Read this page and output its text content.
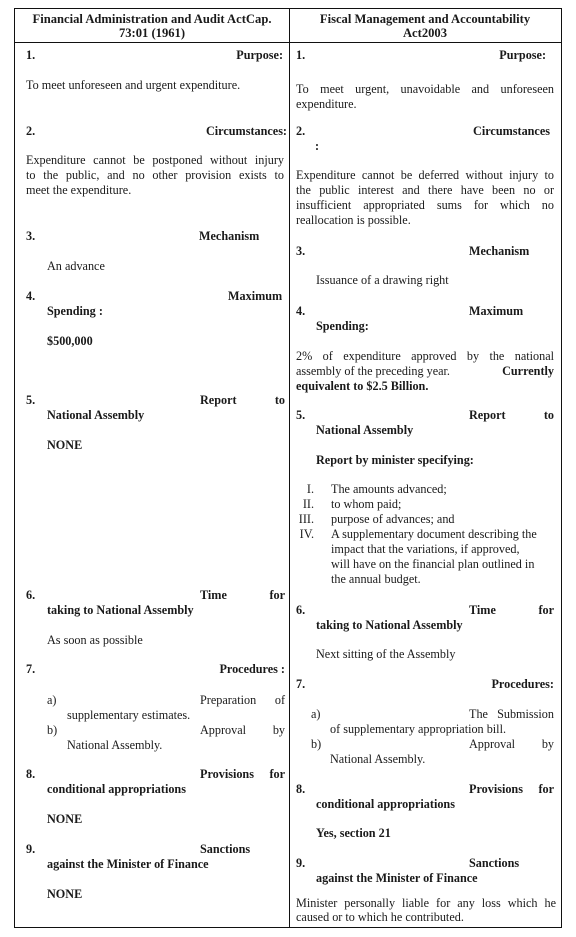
Financial Administration and Audit ActCap.
73:01 (1961)
1.	Purpose:
To meet unforeseen and urgent expenditure.
2.	Circumstances:
Expenditure cannot be postponed without injury
to the public, and no other provision exists to
meet the expenditure.
3.	Mechanism
An advance
4.	Maximum
Spending :
$500,000
5.	Report	to
National Assembly
NONE
6.	Time	for
taking to National Assembly
As soon as possible
7.	Procedures :
a)	Preparation	of
supplementary estimates.
b)	Approval	by
National Assembly.
8.	Provisions	for
conditional appropriations
NONE
9.	Sanctions
against the Minister of Finance
NONE
Fiscal Management and Accountability
Act2003
1.	Purpose:
To meet urgent, unavoidable and unforeseen
expenditure.
2.	Circumstances
:
Expenditure cannot be deferred without injury to
the public interest and there have been no or
insufficient appropriated sums for which no
reallocation is possible.
3.	Mechanism
Issuance of a drawing right
4.	Maximum
Spending:
2% of expenditure approved by the national
assembly of the preceding year.	Currently
equivalent to $2.5 Billion.
5.	Report	to
National Assembly
Report by minister specifying:
I. The amounts advanced;
II. to whom paid;
III. purpose of advances; and
IV. A supplementary document describing the
impact that the variations, if approved,
will have on the financial plan outlined in
the annual budget.
6.	Time	for
taking to National Assembly
Next sitting of the Assembly
7.	Procedures:
a)	The Submission
of supplementary appropriation bill.
b)	Approval	by
National Assembly.
8.	Provisions	for
conditional appropriations
Yes, section 21
9.	Sanctions
against the Minister of Finance
Minister personally liable for any loss which he
caused or to which he contributed.
